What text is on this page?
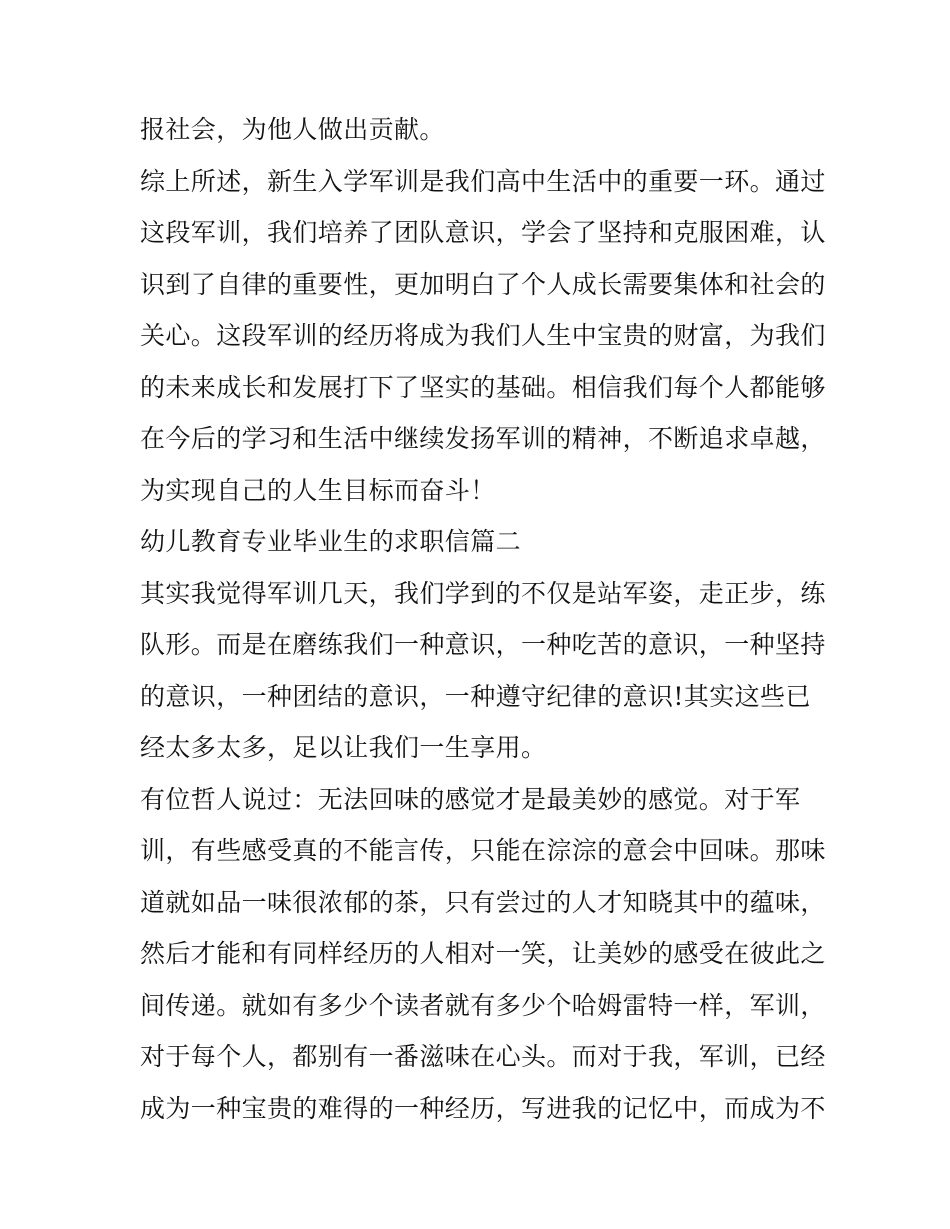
报社会，为他人做出贡献。
综上所述，新生入学军训是我们高中生活中的重要一环。通过
这段军训，我们培养了团队意识，学会了坚持和克服困难，认
识到了自律的重要性，更加明白了个人成长需要集体和社会的
关心。这段军训的经历将成为我们人生中宝贵的财富，为我们
的未来成长和发展打下了坚实的基础。相信我们每个人都能够
在今后的学习和生活中继续发扬军训的精神，不断追求卓越，
为实现自己的人生目标而奋斗！
幼儿教育专业毕业生的求职信篇二
其实我觉得军训几天，我们学到的不仅是站军姿，走正步，练
队形。而是在磨练我们一种意识，一种吃苦的意识，一种坚持
的意识，一种团结的意识，一种遵守纪律的意识!其实这些已
经太多太多，足以让我们一生享用。
有位哲人说过：无法回味的感觉才是最美妙的感觉。对于军
训，有些感受真的不能言传，只能在淙淙的意会中回味。那味
道就如品一味很浓郁的茶，只有尝过的人才知晓其中的蕴味，
然后才能和有同样经历的人相对一笑，让美妙的感受在彼此之
间传递。就如有多少个读者就有多少个哈姆雷特一样，军训，
对于每个人，都别有一番滋味在心头。而对于我，军训，已经
成为一种宝贵的难得的一种经历，写进我的记忆中，而成为不
